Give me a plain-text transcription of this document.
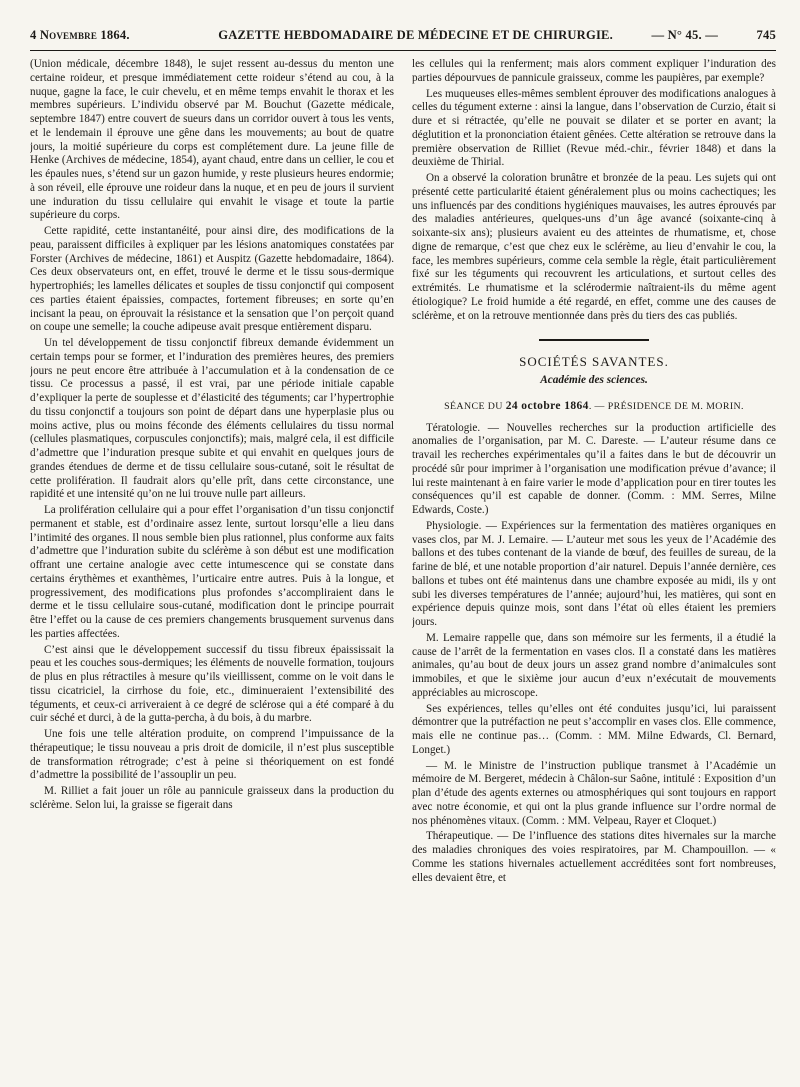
4 Novembre 1864.	GAZETTE HEBDOMADAIRE DE MÉDECINE ET DE CHIRURGIE.	— N° 45. —	745

(Union médicale, décembre 1848), le sujet ressent au-dessus du menton une certaine roideur, et presque immédiatement cette roideur s’étend au cou, à la nuque, gagne la face, le cuir chevelu, et en même temps envahit le thorax et les membres supérieurs. L’individu observé par M. Bouchut (Gazette médicale, septembre 1847) entre couvert de sueurs dans un corridor ouvert à tous les vents, et le lendemain il éprouve une gêne dans les mouvements; au bout de quatre jours, la moitié supérieure du corps est complétement dure. La jeune fille de Henke (Archives de médecine, 1854), ayant chaud, entre dans un cellier, le cou et les épaules nues, s’étend sur un gazon humide, y reste plusieurs heures endormie; à son réveil, elle éprouve une roideur dans la nuque, et en peu de jours il survient une induration du tissu cellulaire qui envahit le visage et toute la partie supérieure du corps.

Cette rapidité, cette instantanéité, pour ainsi dire, des modifications de la peau, paraissent difficiles à expliquer par les lésions anatomiques constatées par Forster (Archives de médecine, 1861) et Auspitz (Gazette hebdomadaire, 1864). Ces deux observateurs ont, en effet, trouvé le derme et le tissu sous-dermique hypertrophiés; les lamelles délicates et souples de tissu conjonctif qui composent ces parties étaient épaissies, compactes, fortement fibreuses; en sorte qu’en incisant la peau, on éprouvait la résistance et la sensation que l’on perçoit quand on coupe une semelle; la couche adipeuse avait presque entièrement disparu.

Un tel développement de tissu conjonctif fibreux demande évidemment un certain temps pour se former, et l’induration des premières heures, des premiers jours ne peut encore être attribuée à l’accumulation et à la condensation de ce tissu. Ce processus a passé, il est vrai, par une période initiale capable d’expliquer la perte de souplesse et d’élasticité des téguments; car l’hypertrophie du tissu conjonctif a toujours son point de départ dans une hyperplasie plus ou moins active, plus ou moins féconde des éléments cellulaires du tissu normal (cellules plasmatiques, corpuscules conjonctifs); mais, malgré cela, il est difficile d’admettre que l’induration presque subite et qui envahit en quelques jours de grandes étendues de derme et de tissu cellulaire sous-cutané, soit le résultat de cette prolifération. Il faudrait alors qu’elle prît, dans cette circonstance, une rapidité et une intensité qu’on ne lui trouve nulle part ailleurs.

La prolifération cellulaire qui a pour effet l’organisation d’un tissu conjonctif permanent et stable, est d’ordinaire assez lente, surtout lorsqu’elle a lieu dans l’intimité des organes. Il nous semble bien plus rationnel, plus conforme aux faits d’admettre que l’induration subite du sclérème à son début est une modification offrant une certaine analogie avec cette intumescence qui se constate dans certains érythèmes et exanthèmes, l’urticaire entre autres. Puis à la longue, et progressivement, des modifications plus profondes s’accompliraient dans le derme et le tissu cellulaire sous-cutané, modification dont le principe pourrait être l’effet ou la cause de ces premiers changements brusquement survenus dans les parties affectées.

C’est ainsi que le développement successif du tissu fibreux épaississait la peau et les couches sous-dermiques; les éléments de nouvelle formation, toujours de plus en plus rétractiles à mesure qu’ils vieillissent, comme on le voit dans le tissu cicatriciel, la cirrhose du foie, etc., diminueraient l’extensibilité des téguments, et ceux-ci arriveraient à ce degré de sclérose qui a été comparé à du cuir séché et durci, à de la gutta-percha, à du bois, à du marbre.

Une fois une telle altération produite, on comprend l’impuissance de la thérapeutique; le tissu nouveau a pris droit de domicile, il n’est plus susceptible de transformation rétrograde; c’est à peine si théoriquement on est fondé d’admettre la possibilité de l’assouplir un peu.

M. Rilliet a fait jouer un rôle au pannicule graisseux dans la production du sclérème. Selon lui, la graisse se figerait dans

les cellules qui la renferment; mais alors comment expliquer l’induration des parties dépourvues de pannicule graisseux, comme les paupières, par exemple?

Les muqueuses elles-mêmes semblent éprouver des modifications analogues à celles du tégument externe : ainsi la langue, dans l’observation de Curzio, était si dure et si rétractée, qu’elle ne pouvait se dilater et se porter en avant; la déglutition et la prononciation étaient gênées. Cette altération se retrouve dans la première observation de Rilliet (Revue méd.-chir., février 1848) et dans la deuxième de Thirial.

On a observé la coloration brunâtre et bronzée de la peau. Les sujets qui ont présenté cette particularité étaient généralement plus ou moins cachectiques; les uns influencés par des conditions hygiéniques mauvaises, les autres éprouvés par des maladies antérieures, quelques-uns d’un âge avancé (soixante-cinq à soixante-six ans); plusieurs avaient eu des atteintes de rhumatisme, et, chose digne de remarque, c’est que chez eux le sclérème, au lieu d’envahir le cou, la face, les membres supérieurs, comme cela semble la règle, était particulièrement fixé sur les téguments qui recouvrent les articulations, et surtout celles des extrémités. Le rhumatisme et la sclérodermie naîtraient-ils du même agent étiologique? Le froid humide a été regardé, en effet, comme une des causes de sclérème, et on la retrouve mentionnée dans près du tiers des cas publiés.

SOCIÉTÉS SAVANTES.
Académie des sciences.
SÉANCE DU 24 octobre 1864. — PRÉSIDENCE DE M. MORIN.

Tératologie. — Nouvelles recherches sur la production artificielle des anomalies de l’organisation, par M. C. Dareste. — L’auteur résume dans ce travail les recherches expérimentales qu’il a faites dans le but de découvrir un procédé sûr pour imprimer à l’organisation une modification prévue d’avance; il lui reste maintenant à en faire varier le mode d’application pour en tirer toutes les conséquences qu’il est capable de donner. (Comm. : MM. Serres, Milne Edwards, Coste.)

Physiologie. — Expériences sur la fermentation des matières organiques en vases clos, par M. J. Lemaire. — L’auteur met sous les yeux de l’Académie des ballons et des tubes contenant de la viande de bœuf, des feuilles de sureau, de la farine de blé, et une notable proportion d’air naturel. Depuis l’année dernière, ces ballons et tubes ont été maintenus dans une chambre exposée au midi, ils y ont subi les diverses températures de l’année; aujourd’hui, les matières, qui sont en expérience depuis quinze mois, sont dans l’état où elles étaient les premiers jours.

M. Lemaire rappelle que, dans son mémoire sur les ferments, il a étudié la cause de l’arrêt de la fermentation en vases clos. Il a constaté dans les matières animales, qu’au bout de deux jours un assez grand nombre d’animalcules sont immobiles, et que le sixième jour aucun d’eux n’exécutait de mouvements appréciables au microscope.

Ses expériences, telles qu’elles ont été conduites jusqu’ici, lui paraissent démontrer que la putréfaction ne peut s’accomplir en vases clos. Elle commence, mais elle ne continue pas… (Comm. : MM. Milne Edwards, Cl. Bernard, Longet.)

— M. le Ministre de l’instruction publique transmet à l’Académie un mémoire de M. Bergeret, médecin à Châlon-sur Saône, intitulé : Exposition d’un plan d’étude des agents externes ou atmosphériques qui sont toujours en rapport avec notre économie, et qui ont la plus grande influence sur l’ordre normal de nos phénomènes vitaux. (Comm. : MM. Velpeau, Rayer et Cloquet.)

Thérapeutique. — De l’influence des stations dites hivernales sur la marche des maladies chroniques des voies respiratoires, par M. Champouillon. — « Comme les stations hivernales actuellement accréditées sont fort nombreuses, elles devaient être, et
